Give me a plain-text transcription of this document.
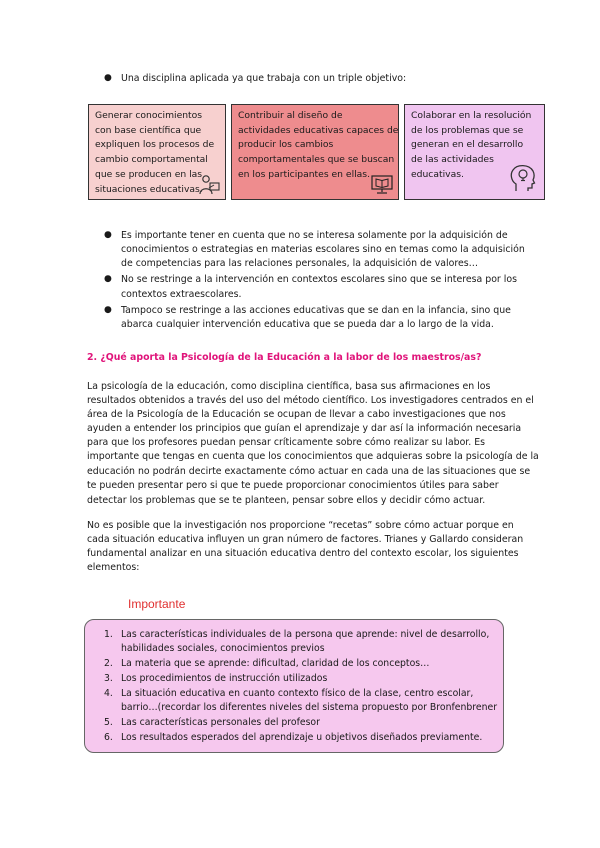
● Una disciplina aplicada ya que trabaja con un triple objetivo:
Generar conocimientos
con base científica que
expliquen los procesos de
cambio comportamental
que se producen en las
situaciones educativas.
Contribuir al diseño de
actividades educativas capaces de
producir los cambios
comportamentales que se buscan
en los participantes en ellas.
Colaborar en la resolución
de los problemas que se
generan en el desarrollo
de las actividades
educativas.
● Es importante tener en cuenta que no se interesa solamente por la adquisición de
conocimientos o estrategias en materias escolares sino en temas como la adquisición
de competencias para las relaciones personales, la adquisición de valores…
● No se restringe a la intervención en contextos escolares sino que se interesa por los
contextos extraescolares.
● Tampoco se restringe a las acciones educativas que se dan en la infancia, sino que
abarca cualquier intervención educativa que se pueda dar a lo largo de la vida.
2. ¿Qué aporta la Psicología de la Educación a la labor de los maestros/as?
La psicología de la educación, como disciplina científica, basa sus afirmaciones en los
resultados obtenidos a través del uso del método científico. Los investigadores centrados en el
área de la Psicología de la Educación se ocupan de llevar a cabo investigaciones que nos
ayuden a entender los principios que guían el aprendizaje y dar así la información necesaria
para que los profesores puedan pensar críticamente sobre cómo realizar su labor. Es
importante que tengas en cuenta que los conocimientos que adquieras sobre la psicología de la
educación no podrán decirte exactamente cómo actuar en cada una de las situaciones que se
te pueden presentar pero si que te puede proporcionar conocimientos útiles para saber
detectar los problemas que se te planteen, pensar sobre ellos y decidir cómo actuar.
No es posible que la investigación nos proporcione “recetas” sobre cómo actuar porque en
cada situación educativa influyen un gran número de factores. Trianes y Gallardo consideran
fundamental analizar en una situación educativa dentro del contexto escolar, los siguientes
elementos:
Importante
1. Las características individuales de la persona que aprende: nivel de desarrollo,
habilidades sociales, conocimientos previos
2. La materia que se aprende: dificultad, claridad de los conceptos…
3. Los procedimientos de instrucción utilizados
4. La situación educativa en cuanto contexto físico de la clase, centro escolar,
barrio…(recordar los diferentes niveles del sistema propuesto por Bronfenbrener
5. Las características personales del profesor
6. Los resultados esperados del aprendizaje u objetivos diseñados previamente.
